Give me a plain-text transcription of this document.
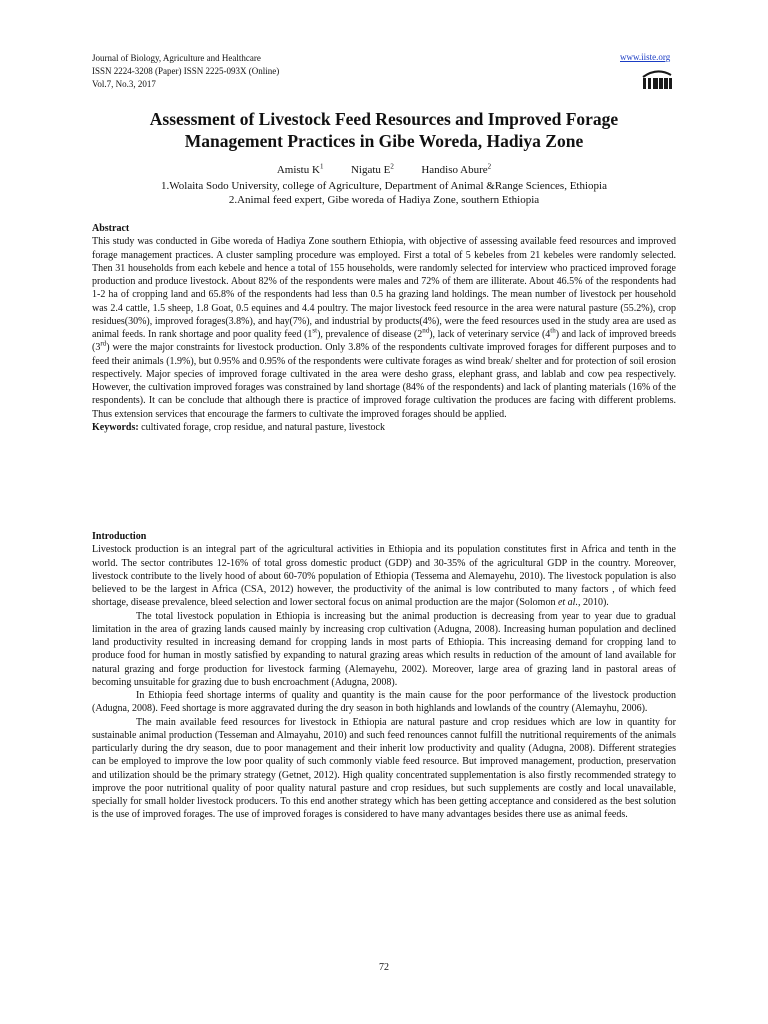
Journal of Biology, Agriculture and Healthcare
ISSN 2224-3208 (Paper) ISSN 2225-093X (Online)
Vol.7, No.3, 2017
www.iiste.org
Assessment of Livestock Feed Resources and Improved Forage
Management Practices in Gibe Woreda, Hadiya Zone
Amistu $K^1$	Nigatu $E^2$	Handiso Abure$^2$
1.Wolaita Sodo University, college of Agriculture, Department of Animal &Range Sciences, Ethiopia
2.Animal feed expert, Gibe woreda of Hadiya Zone, southern Ethiopia

Abstract

This study was conducted in Gibe woreda of Hadiya Zone southern Ethiopia, with objective of assessing available feed resources and improved forage management practices. A cluster sampling procedure was employed. First a total of 5 kebeles from 21 kebeles were randomly selected. Then 31 households from each kebele and hence a total of 155 households, were randomly selected for interview who practiced improved forage production and produce livestock. About 82% of the respondents were males and 72% of them are illiterate. About 46.5% of the respondents had 1-2 ha of cropping land and 65.8% of the respondents had less than 0.5 ha grazing land holdings. The mean number of livestock per household was 2.4 cattle, 1.5 sheep, 1.8 Goat, 0.5 equines and 4.4 poultry. The major livestock feed resource in the area were natural pasture (55.2%), crop residues(30%), improved forages(3.8%), and hay(7%), and industrial by products(4%), were the feed resources used in the study area are used as animal feeds. In rank shortage and poor quality feed (1st), prevalence of disease (2nd), lack of veterinary service (4th) and lack of improved breeds (3rd) were the major constraints for livestock production. Only 3.8% of the respondents cultivate improved forages for different purposes and to feed their animals (1.9%), but 0.95% and 0.95% of the respondents were cultivate forages as wind break/ shelter and for protection of soil erosion respectively. Major species of improved forage cultivated in the area were desho grass, elephant grass, and lablab and cow pea respectively. However, the cultivation improved forages was constrained by land shortage (84% of the respondents) and lack of planting materials (16% of the respondents). It can be conclude that although there is practice of improved forage cultivation the produces are facing with different problems. Thus extension services that encourage the farmers to cultivate the improved forages should be applied.

Keywords: cultivated forage, crop residue, and natural pasture, livestock

Introduction

Livestock production is an integral part of the agricultural activities in Ethiopia and its population constitutes first in Africa and tenth in the world. The sector contributes 12-16% of total gross domestic product (GDP) and 30-35% of the agricultural GDP in the country. Moreover, livestock contribute to the lively hood of about 60-70% population of Ethiopia (Tessema and Alemayehu, 2010). The livestock population is also believed to be the largest in Africa (CSA, 2012) however, the productivity of the animal is low contributed to many factors , of which feed shortage, disease prevalence, bleed selection and lower sectoral focus on animal production are the major (Solomon et al., 2010).

The total livestock population in Ethiopia is increasing but the animal production is decreasing from year to year due to gradual limitation in the area of grazing lands caused mainly by increasing crop cultivation (Adugna, 2008). Increasing human population and declined land productivity resulted in increasing demand for cropping lands in most parts of Ethiopia. This increasing demand for cropping land to produce food for human in mostly satisfied by expanding to natural grazing areas which results in reduction of the amount of land available for natural grazing and forge production for livestock farming (Alemayehu, 2002). Moreover, large area of grazing land in pastoral areas of becoming unsuitable for grazing due to bush encroachment (Adugna, 2008).

In Ethiopia feed shortage interms of quality and quantity is the main cause for the poor performance of the livestock production (Adugna, 2008). Feed shortage is more aggravated during the dry season in both highlands and lowlands of the country (Alemayhu, 2006).

The main available feed resources for livestock in Ethiopia are natural pasture and crop residues which are low in quantity for sustainable animal production (Tesseman and Almayahu, 2010) and such feed renounces cannot fulfill the nutritional requirements of the animals particularly during the dry season, due to poor management and their inherit low productivity and quality (Adugna, 2008). Different strategies can be employed to improve the low poor quality of such commonly viable feed resource. But improved management, production, preservation and utilization should be the primary strategy (Getnet, 2012). High quality concentrated supplementation is also firstly recommended strategy to improve the poor nutritional quality of poor quality natural pasture and crop residues, but such supplements are costly and local unavailable, specially for small holder livestock producers. To this end another strategy which has been getting acceptance and considered as the best solution is the use of improved forages. The use of improved forages is considered to have many advantages besides there use as animal feeds.

72
